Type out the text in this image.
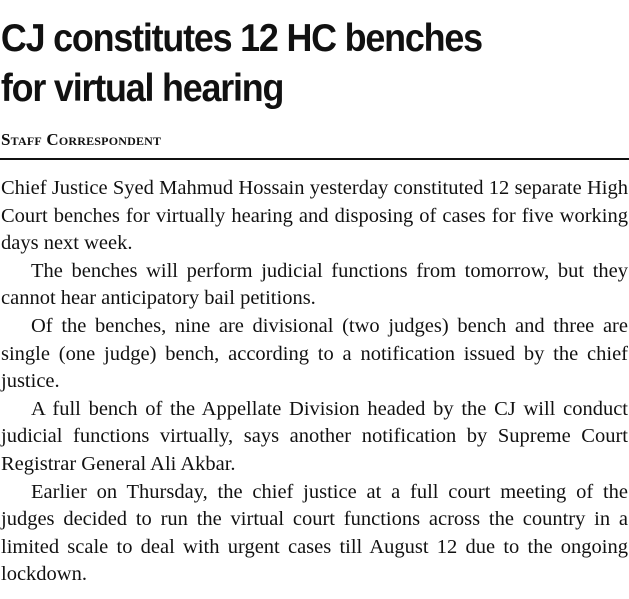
CJ constitutes 12 HC benches
for virtual hearing
Staff Correspondent

Chief Justice Syed Mahmud Hossain yesterday constituted 12 separate High Court benches for virtually hearing and disposing of cases for five working days next week.

The benches will perform judicial functions from tomorrow, but they cannot hear anticipatory bail petitions.

Of the benches, nine are divisional (two judges) bench and three are single (one judge) bench, according to a notification issued by the chief justice.

A full bench of the Appellate Division headed by the CJ will conduct judicial functions virtually, says another notification by Supreme Court Registrar General Ali Akbar.

Earlier on Thursday, the chief justice at a full court meeting of the judges decided to run the virtual court functions across the country in a limited scale to deal with urgent cases till August 12 due to the ongoing lockdown.
